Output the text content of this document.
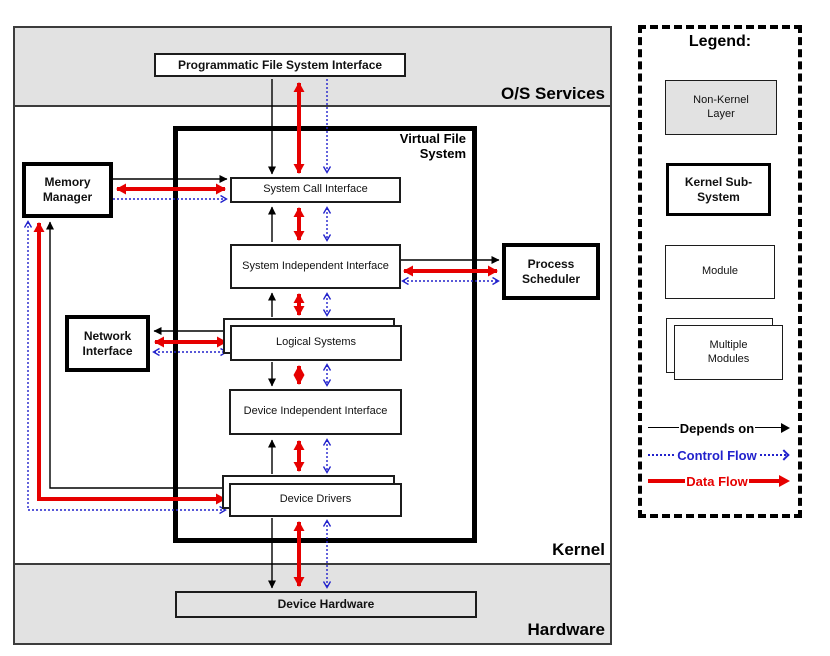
O/S Services
Kernel
Hardware
Virtual File System
Programmatic File System Interface
System Call Interface
System Independent Interface
Logical Systems
Device Independent Interface
Device Drivers
Device Hardware
Memory Manager
Network Interface
Process Scheduler
Legend:
Non-Kernel Layer
Kernel Sub-System
Module
Multiple Modules
Depends on
Control Flow
Data Flow
